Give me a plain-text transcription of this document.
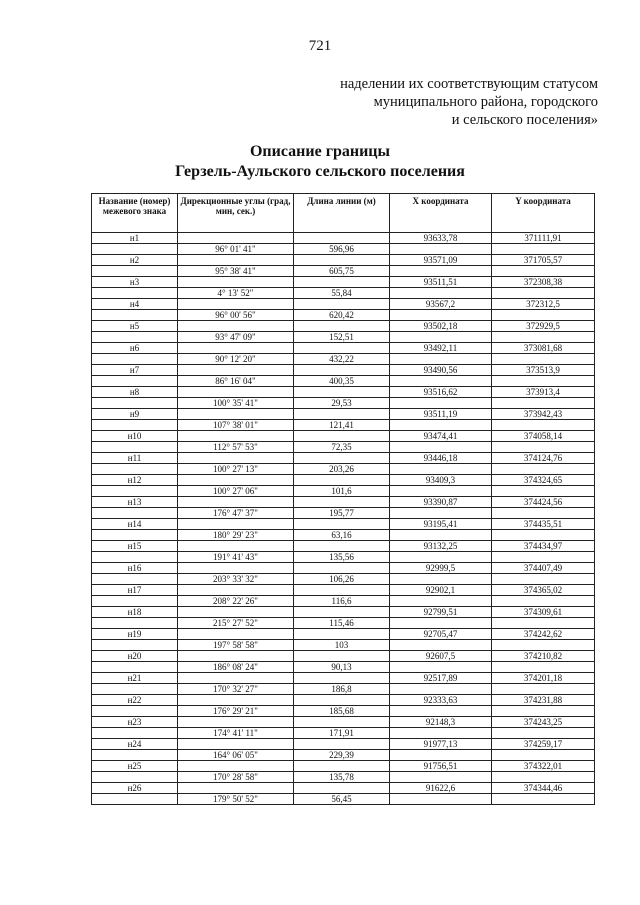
721
наделении их соответствующим статусом
муниципального района, городского
и сельского поселения»
Описание границы
Герзель-Аульского сельского поселения
Название (номер) межевого знака	Дирекционные углы (град, мин, сек.)	Длина линии (м)	X координата	Y координата
н1			93633,78	371111,91
	96° 01' 41"	596,96		
н2			93571,09	371705,57
	95° 38' 41"	605,75		
н3			93511,51	372308,38
	4° 13' 52"	55,84		
н4			93567,2	372312,5
	96° 00' 56"	620,42		
н5			93502,18	372929,5
	93° 47' 09"	152,51		
н6			93492,11	373081,68
	90° 12' 20"	432,22		
н7			93490,56	373513,9
	86° 16' 04"	400,35		
н8			93516,62	373913,4
	100° 35' 41"	29,53		
н9			93511,19	373942,43
	107° 38' 01"	121,41		
н10			93474,41	374058,14
	112° 57' 53"	72,35		
н11			93446,18	374124,76
	100° 27' 13"	203,26		
н12			93409,3	374324,65
	100° 27' 06"	101,6		
н13			93390,87	374424,56
	176° 47' 37"	195,77		
н14			93195,41	374435,51
	180° 29' 23"	63,16		
н15			93132,25	374434,97
	191° 41' 43"	135,56		
н16			92999,5	374407,49
	203° 33' 32"	106,26		
н17			92902,1	374365,02
	208° 22' 26"	116,6		
н18			92799,51	374309,61
	215° 27' 52"	115,46		
н19			92705,47	374242,62
	197° 58' 58"	103		
н20			92607,5	374210,82
	186° 08' 24"	90,13		
н21			92517,89	374201,18
	170° 32' 27"	186,8		
н22			92333,63	374231,88
	176° 29' 21"	185,68		
н23			92148,3	374243,25
	174° 41' 11"	171,91		
н24			91977,13	374259,17
	164° 06' 05"	229,39		
н25			91756,51	374322,01
	170° 28' 58"	135,78		
н26			91622,6	374344,46
	179° 50' 52"	56,45		
